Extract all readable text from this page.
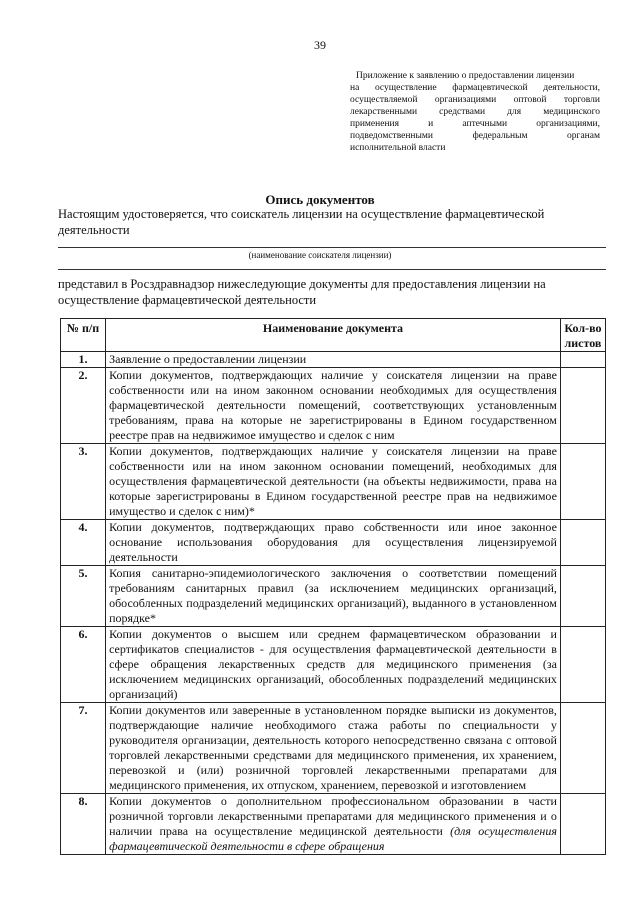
39
Приложение к заявлению о предоставлении лицензии
на осуществление фармацевтической деятельности,
осуществляемой организациями оптовой торговли
лекарственными средствами для медицинского
применения и аптечными организациями,
подведомственными федеральным органам
исполнительной власти
Опись документов
Настоящим удостоверяется, что соискатель лицензии на осуществление фармацевтической деятельности
(наименование соискателя лицензии)
представил в Росздравнадзор нижеследующие документы для предоставления лицензии на осуществление фармацевтической деятельности
№ п/п	Наименование документа	Кол-во листов
1.	Заявление о предоставлении лицензии	
2.	Копии документов, подтверждающих наличие у соискателя лицензии на праве собственности или на ином законном основании необходимых для осуществления фармацевтической деятельности помещений, соответствующих установленным требованиям, права на которые не зарегистрированы в Едином государственном реестре прав на недвижимое имущество и сделок с ним	
3.	Копии документов, подтверждающих наличие у соискателя лицензии на праве собственности или на ином законном основании помещений, необходимых для осуществления фармацевтической деятельности (на объекты недвижимости, права на которые зарегистрированы в Едином государственной реестре прав на недвижимое имущество и сделок с ним)*	
4.	Копии документов, подтверждающих право собственности или иное законное основание использования оборудования для осуществления лицензируемой деятельности	
5.	Копия санитарно-эпидемиологического заключения о соответствии помещений требованиям санитарных правил (за исключением медицинских организаций, обособленных подразделений медицинских организаций), выданного в установленном порядке*	
6.	Копии документов о высшем или среднем фармацевтическом образовании и сертификатов специалистов - для осуществления фармацевтической деятельности в сфере обращения лекарственных средств для медицинского применения (за исключением медицинских организаций, обособленных подразделений медицинских организаций)	
7.	Копии документов или заверенные в установленном порядке выписки из документов, подтверждающие наличие необходимого стажа работы по специальности у руководителя организации, деятельность которого непосредственно связана с оптовой торговлей лекарственными средствами для медицинского применения, их хранением, перевозкой и (или) розничной торговлей лекарственными препаратами для медицинского применения, их отпуском, хранением, перевозкой и изготовлением	
8.	Копии документов о дополнительном профессиональном образовании в части розничной торговли лекарственными препаратами для медицинского применения и о наличии права на осуществление медицинской деятельности (для осуществления фармацевтической деятельности в сфере обращения	
